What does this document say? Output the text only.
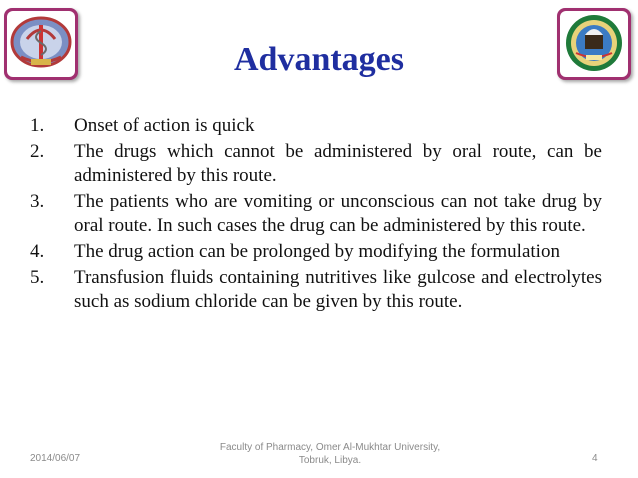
Advantages
1. Onset of action is quick
2. The drugs which cannot be administered by oral route, can be administered by this route.
3. The patients who are vomiting or unconscious can not take drug by oral route. In such cases the drug can be administered by this route.
4. The drug action can be prolonged by modifying the formulation
5. Transfusion fluids containing nutritives like gulcose and electrolytes such as sodium chloride can be given by this route.
2014/06/07
Faculty of Pharmacy, Omer Al-Mukhtar University,
Tobruk, Libya.	4
